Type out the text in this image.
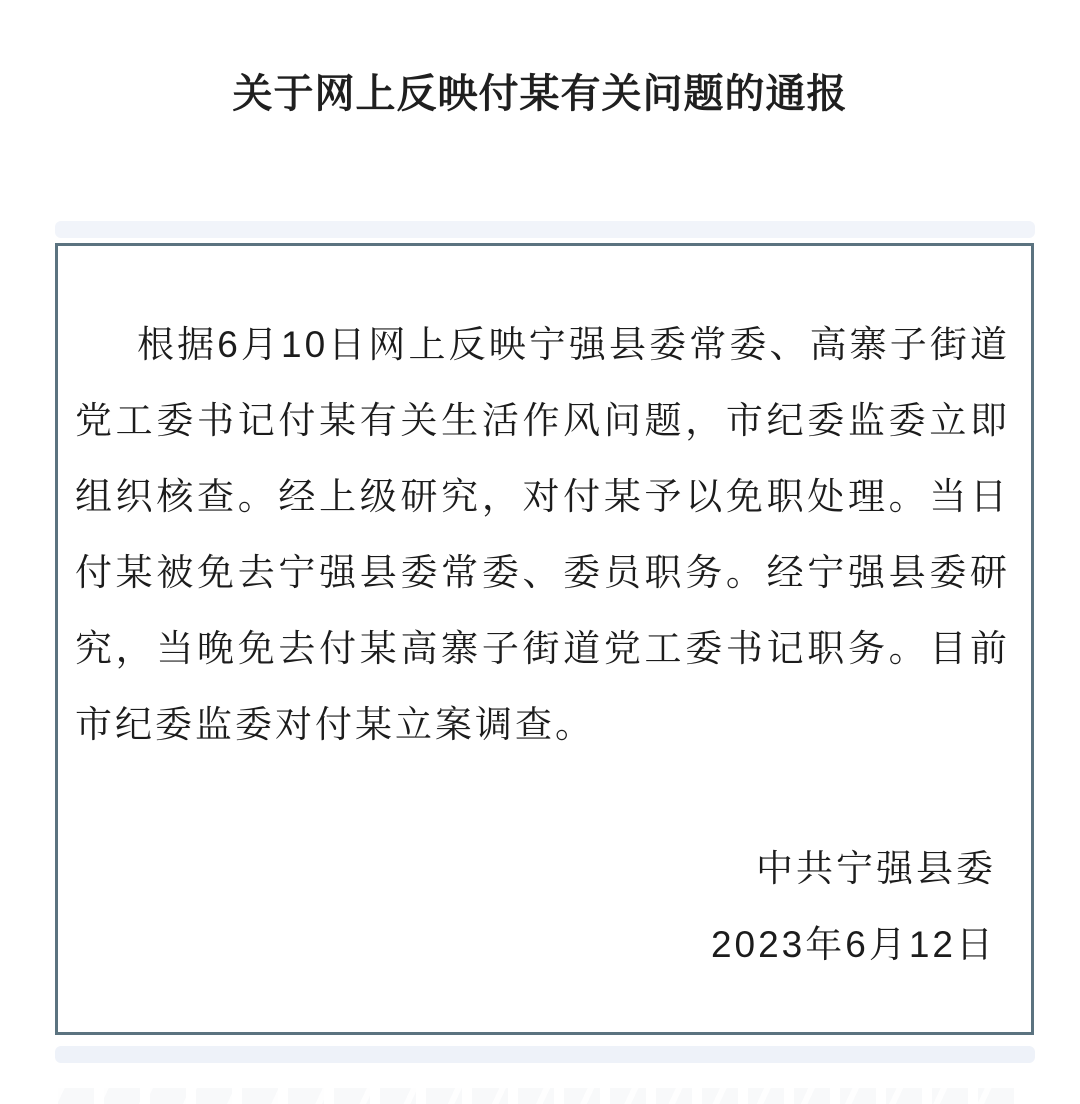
关于网上反映付某有关问题的通报

根据6月10日网上反映宁强县委常委、高寨子街道党工委书记付某有关生活作风问题，市纪委监委立即组织核查。经上级研究，对付某予以免职处理。当日付某被免去宁强县委常委、委员职务。经宁强县委研究，当晚免去付某高寨子街道党工委书记职务。目前市纪委监委对付某立案调查。

中共宁强县委
2023年6月12日
